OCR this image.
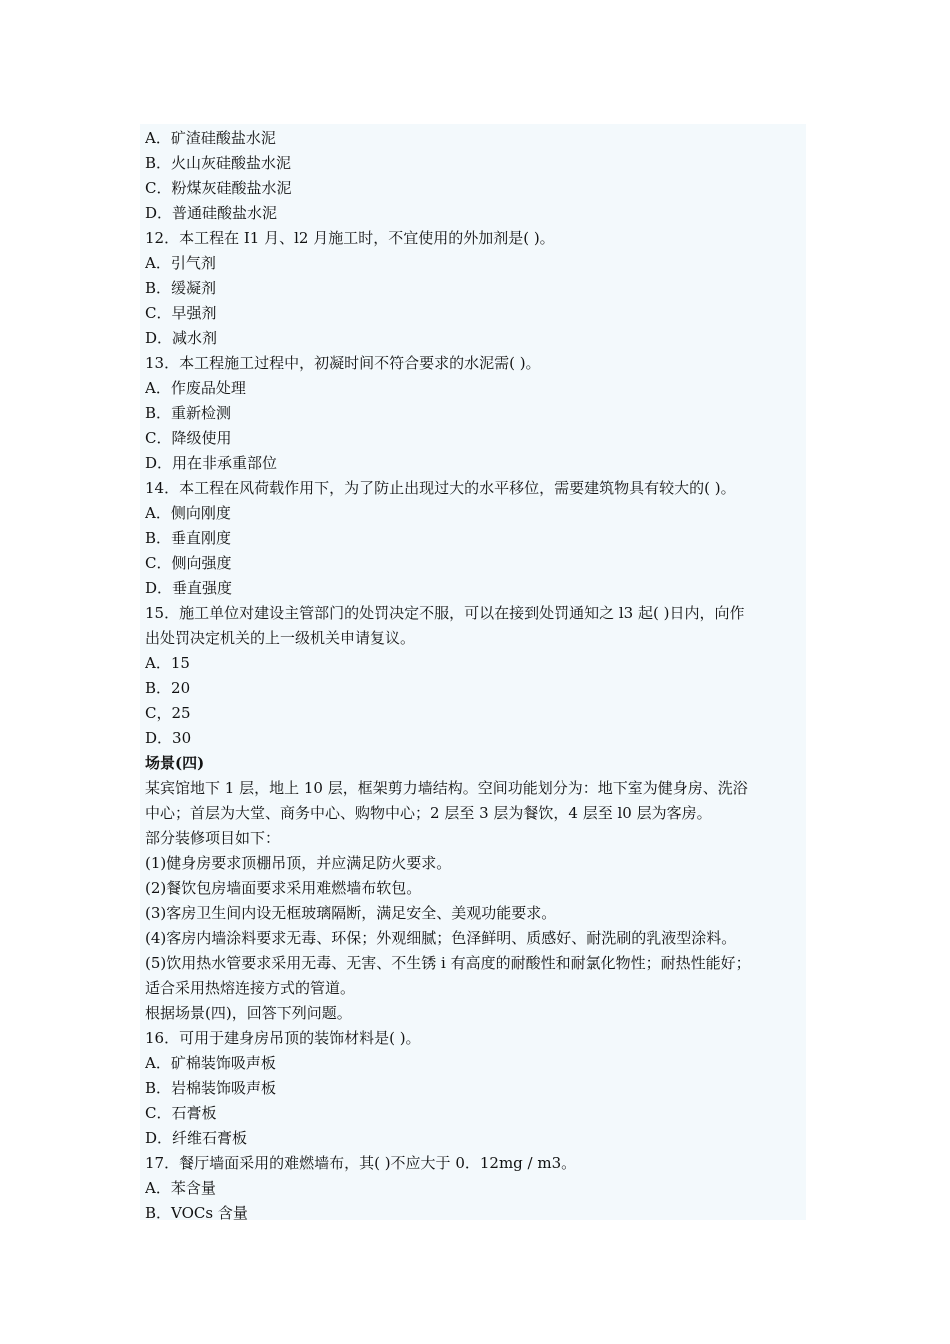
A．矿渣硅酸盐水泥
B．火山灰硅酸盐水泥
C．粉煤灰硅酸盐水泥
D．普通硅酸盐水泥
12．本工程在 I1 月、l2 月施工时，不宜使用的外加剂是( )。
A．引气剂
B．缓凝剂
C．早强剂
D．减水剂
13．本工程施工过程中，初凝时间不符合要求的水泥需( )。
A．作废品处理
B．重新检测
C．降级使用
D．用在非承重部位
14．本工程在风荷载作用下，为了防止出现过大的水平移位，需要建筑物具有较大的( )。
A．侧向刚度
B．垂直刚度
C．侧向强度
D．垂直强度
15．施工单位对建设主管部门的处罚决定不服，可以在接到处罚通知之 l3 起( )日内，向作
出处罚决定机关的上一级机关申请复议。
A．15
B．20
C，25
D．30
场景(四)
某宾馆地下 1 层，地上 10 层，框架剪力墙结构。空间功能划分为：地下室为健身房、洗浴
中心；首层为大堂、商务中心、购物中心；2 层至 3 层为餐饮，4 层至 l0 层为客房。
部分装修项目如下：
(1)健身房要求顶棚吊顶，并应满足防火要求。
(2)餐饮包房墙面要求采用难燃墙布软包。
(3)客房卫生间内设无框玻璃隔断，满足安全、美观功能要求。
(4)客房内墙涂料要求无毒、环保；外观细腻；色泽鲜明、质感好、耐洗刷的乳液型涂料。
(5)饮用热水管要求采用无毒、无害、不生锈 i 有高度的耐酸性和耐氯化物性；耐热性能好；
适合采用热熔连接方式的管道。
根据场景(四)，回答下列问题。
16．可用于建身房吊顶的装饰材料是( )。
A．矿棉装饰吸声板
B．岩棉装饰吸声板
C．石膏板
D．纤维石膏板
17．餐厅墙面采用的难燃墙布，其( )不应大于 0．12mg / m3。
A．苯含量
B．VOCs 含量
